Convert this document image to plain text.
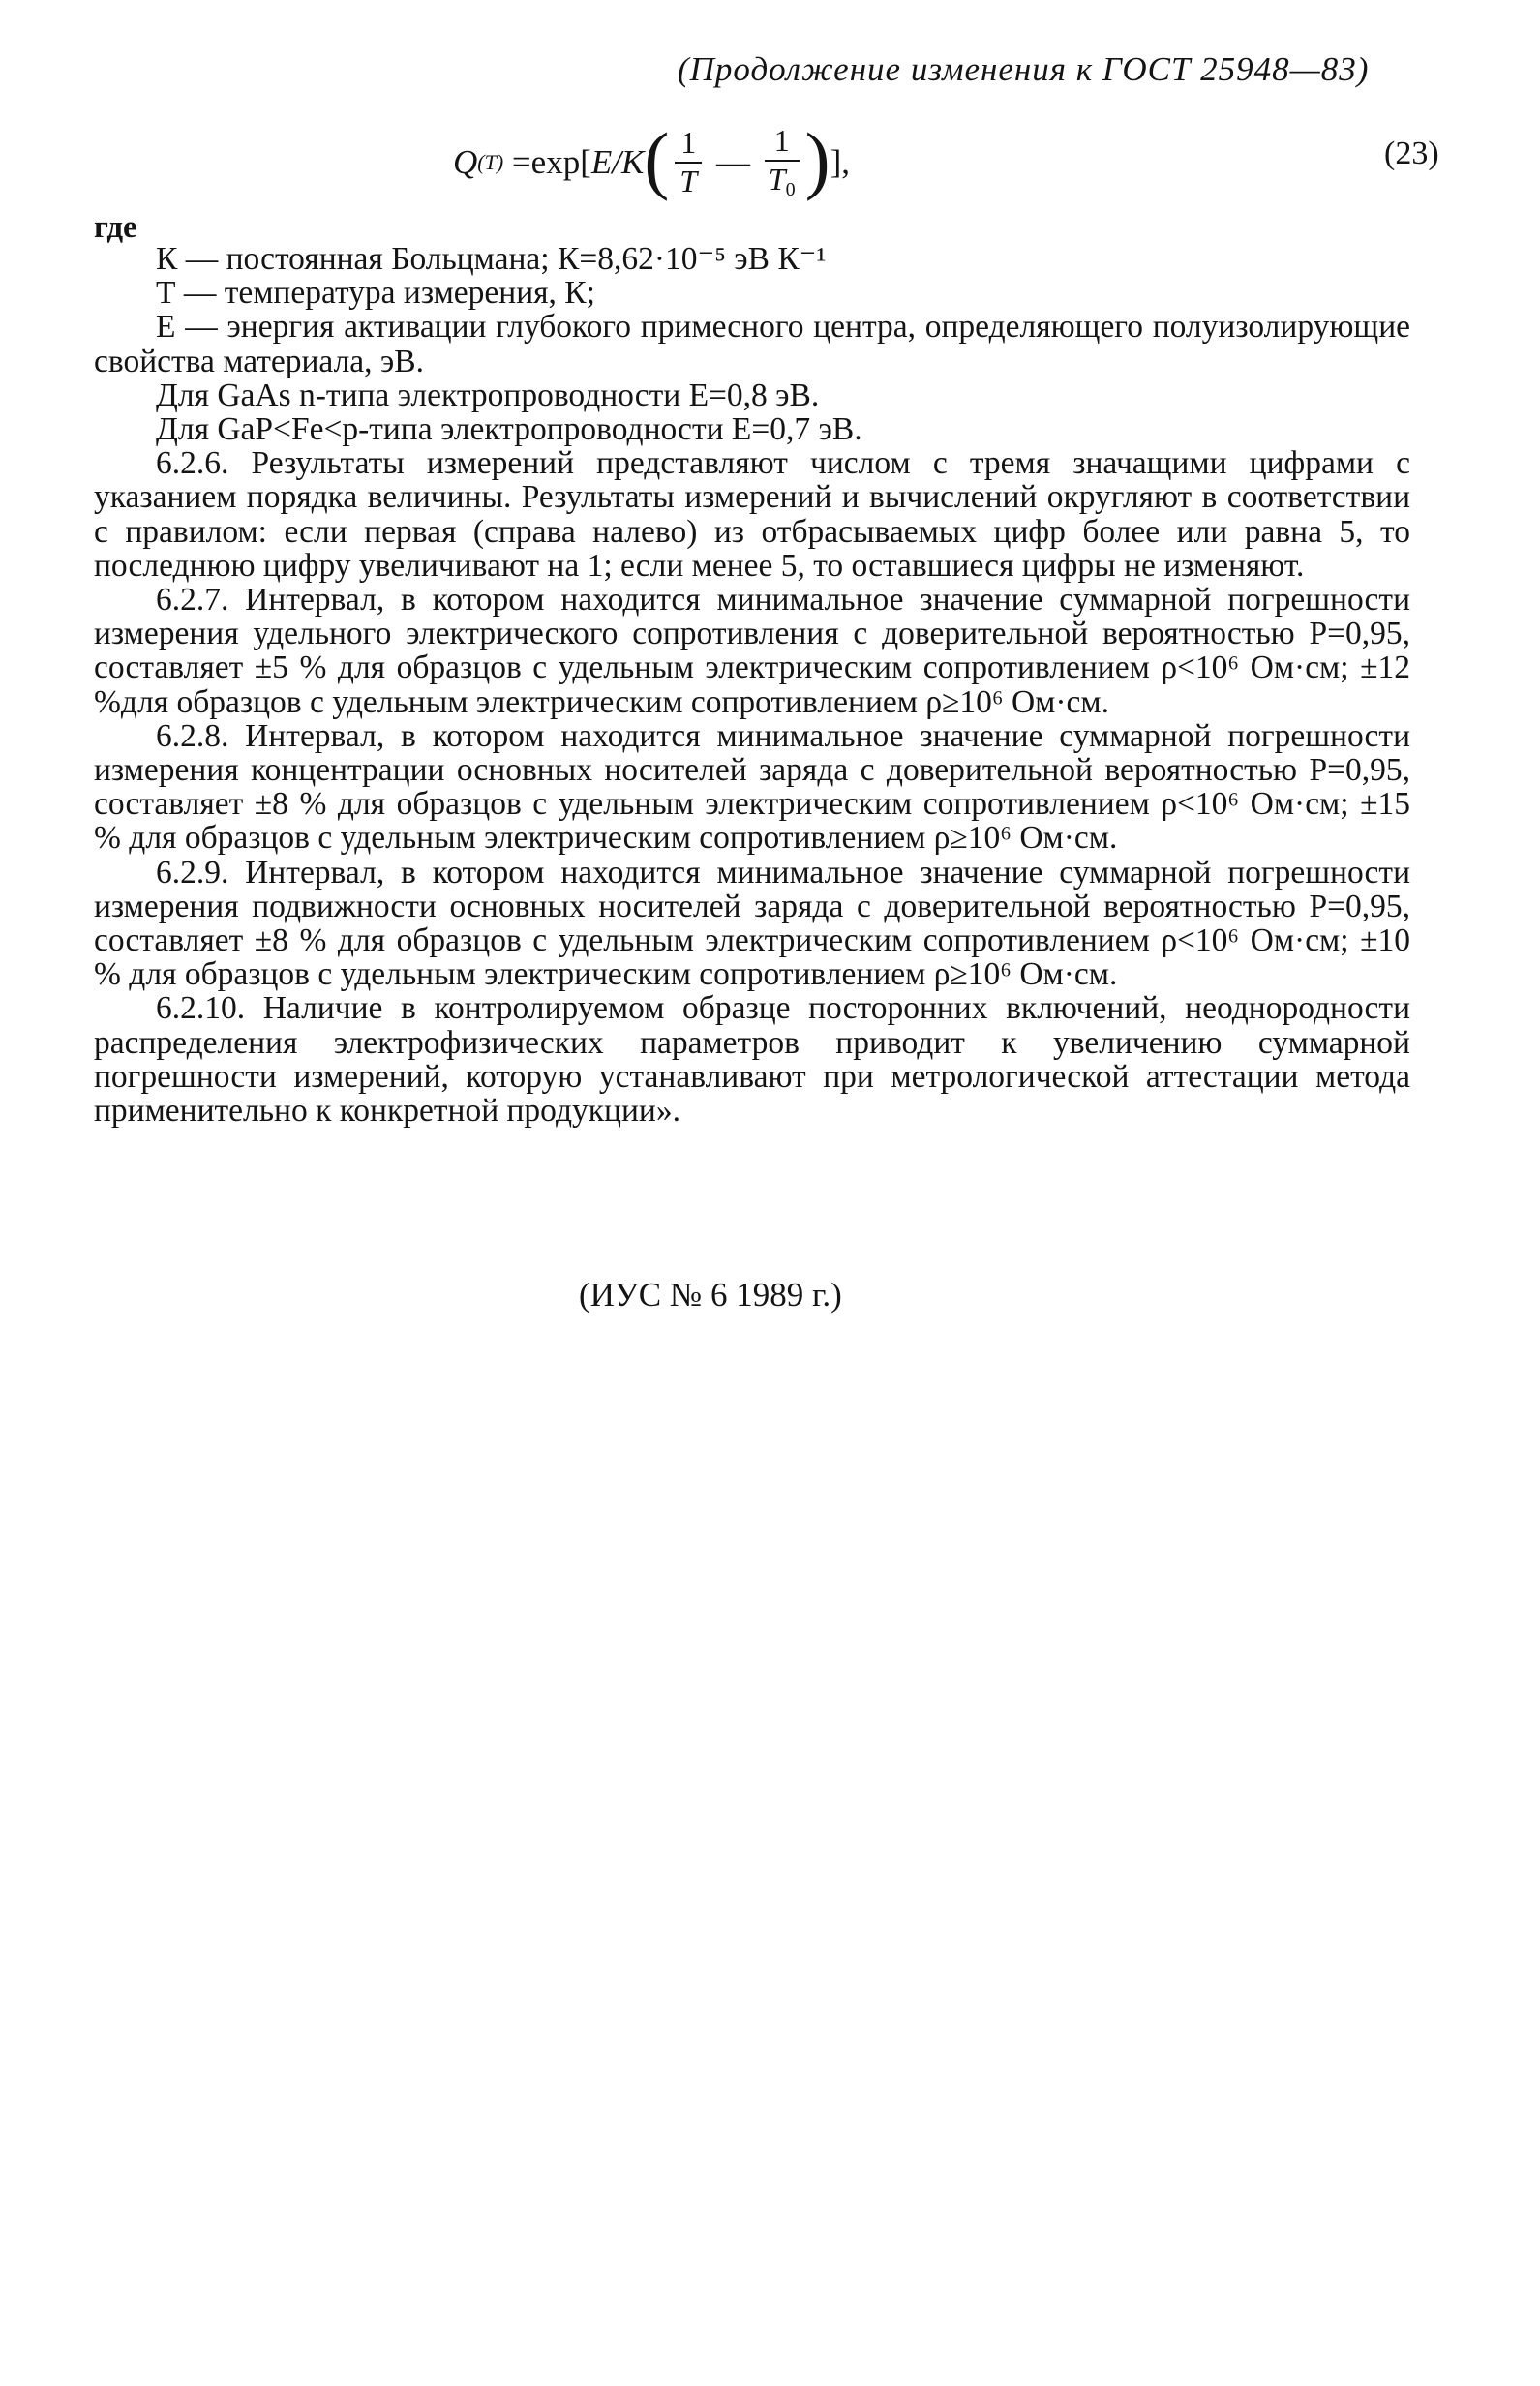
(Продолжение изменения к ГОСТ 25948—83)
Q (T) =exp[ E/K ( $\frac{1}{T}$ — $\frac{1}{T_0}$ ) ],	(23)
где

К — постоянная Больцмана; К=8,62·10⁻⁵ эВ К⁻¹

Т — температура измерения, К;

Е — энергия активации глубокого примесного центра, определяющего полуизолирующие свойства материала, эВ.

Для GaAs n-типа электропроводности Е=0,8 эВ.

Для GaP<Fe<p-типа электропроводности Е=0,7 эВ.

6.2.6. Результаты измерений представляют числом с тремя значащими цифрами с указанием порядка величины. Результаты измерений и вычислений округляют в соответствии с правилом: если первая (справа налево) из отбрасываемых цифр более или равна 5, то последнюю цифру увеличивают на 1; если менее 5, то оставшиеся цифры не изменяют.

6.2.7. Интервал, в котором находится минимальное значение суммарной погрешности измерения удельного электрического сопротивления с доверительной вероятностью Р=0,95, составляет ±5 % для образцов с удельным электрическим сопротивлением ρ<10⁶ Ом·см; ±12 %для образцов с удельным электрическим сопротивлением ρ≥10⁶ Ом·см.

6.2.8. Интервал, в котором находится минимальное значение суммарной погрешности измерения концентрации основных носителей заряда с доверительной вероятностью Р=0,95, составляет ±8 % для образцов с удельным электрическим сопротивлением ρ<10⁶ Ом·см; ±15 % для образцов с удельным электрическим сопротивлением ρ≥10⁶ Ом·см.

6.2.9. Интервал, в котором находится минимальное значение суммарной погрешности измерения подвижности основных носителей заряда с доверительной вероятностью Р=0,95, составляет ±8 % для образцов с удельным электрическим сопротивлением ρ<10⁶ Ом·см; ±10 % для образцов с удельным электрическим сопротивлением ρ≥10⁶ Ом·см.

6.2.10. Наличие в контролируемом образце посторонних включений, неоднородности распределения электрофизических параметров приводит к увеличению суммарной погрешности измерений, которую устанавливают при метрологической аттестации метода применительно к конкретной продукции».

(ИУС № 6 1989 г.)
